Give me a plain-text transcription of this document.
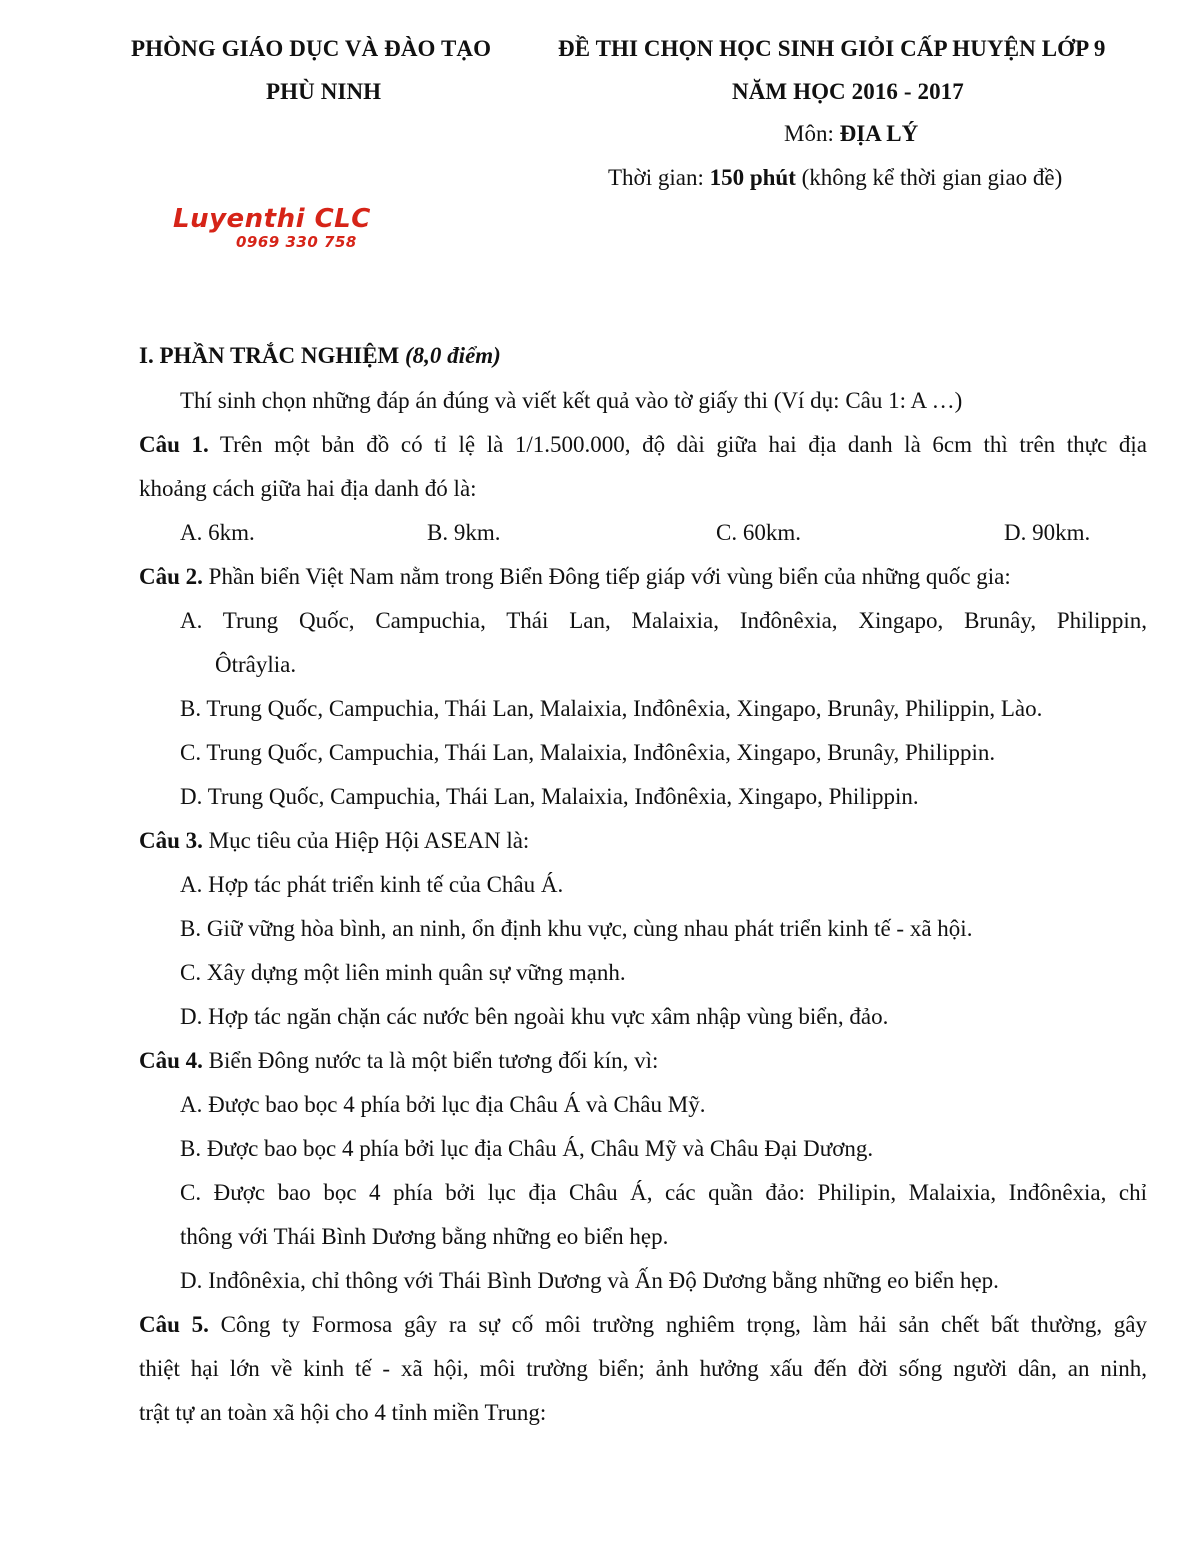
PHÒNG GIÁO DỤC VÀ ĐÀO TẠO
PHÙ NINH
ĐỀ THI CHỌN HỌC SINH GIỎI CẤP HUYỆN LỚP 9
NĂM HỌC 2016 - 2017
Môn: ĐỊA LÝ
Thời gian: 150 phút (không kể thời gian giao đề)
Luyenthi CLC
0969 330 758
I. PHẦN TRẮC NGHIỆM (8,0 điểm)
Thí sinh chọn những đáp án đúng và viết kết quả vào tờ giấy thi (Ví dụ: Câu 1: A …)
Câu 1. Trên một bản đồ có tỉ lệ là 1/1.500.000, độ dài giữa hai địa danh là 6cm thì trên thực địa
khoảng cách giữa hai địa danh đó là:
A. 6km.	B. 9km.	C. 60km.	D. 90km.
Câu 2. Phần biển Việt Nam nằm trong Biển Đông tiếp giáp với vùng biển của những quốc gia:
A. Trung Quốc, Campuchia, Thái Lan, Malaixia, Inđônêxia, Xingapo, Brunây, Philippin,
Ôtrâylia.
B. Trung Quốc, Campuchia, Thái Lan, Malaixia, Inđônêxia, Xingapo, Brunây, Philippin, Lào.
C. Trung Quốc, Campuchia, Thái Lan, Malaixia, Inđônêxia, Xingapo, Brunây, Philippin.
D. Trung Quốc, Campuchia, Thái Lan, Malaixia, Inđônêxia, Xingapo, Philippin.
Câu 3. Mục tiêu của Hiệp Hội ASEAN là:
A. Hợp tác phát triển kinh tế của Châu Á.
B. Giữ vững hòa bình, an ninh, ổn định khu vực, cùng nhau phát triển kinh tế - xã hội.
C. Xây dựng một liên minh quân sự vững mạnh.
D. Hợp tác ngăn chặn các nước bên ngoài khu vực xâm nhập vùng biển, đảo.
Câu 4. Biển Đông nước ta là một biển tương đối kín, vì:
A. Được bao bọc 4 phía bởi lục địa Châu Á và Châu Mỹ.
B. Được bao bọc 4 phía bởi lục địa Châu Á, Châu Mỹ và Châu Đại Dương.
C. Được bao bọc 4 phía bởi lục địa Châu Á, các quần đảo: Philipin, Malaixia, Inđônêxia, chỉ
thông với Thái Bình Dương bằng những eo biển hẹp.
D. Inđônêxia, chỉ thông với Thái Bình Dương và Ấn Độ Dương bằng những eo biển hẹp.
Câu 5. Công ty Formosa gây ra sự cố môi trường nghiêm trọng, làm hải sản chết bất thường, gây
thiệt hại lớn về kinh tế - xã hội, môi trường biển; ảnh hưởng xấu đến đời sống người dân, an ninh,
trật tự an toàn xã hội cho 4 tỉnh miền Trung:
